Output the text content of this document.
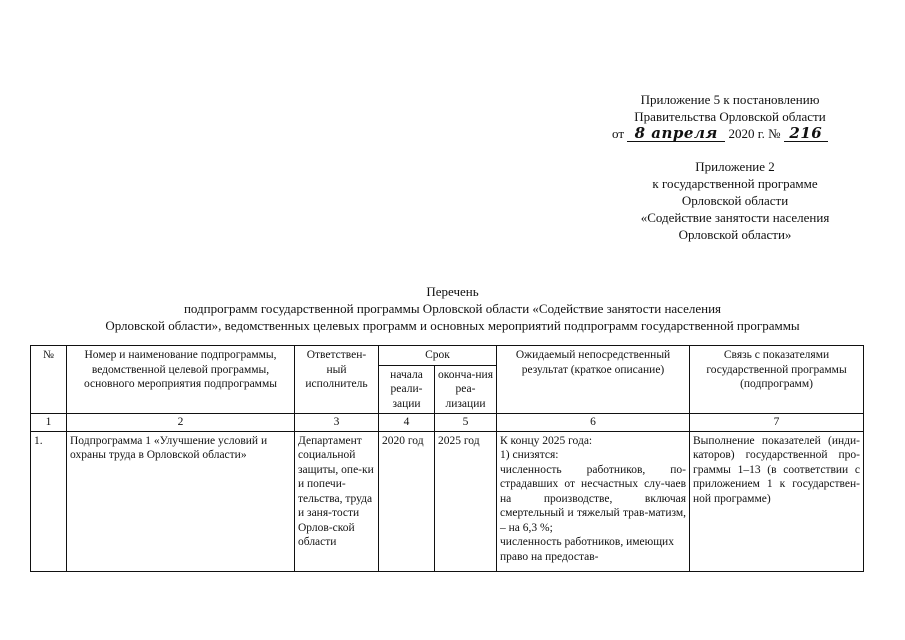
Приложение 5 к постановлению
Правительства Орловской области
от 8 апреля 2020 г. № 216
Приложение 2
к государственной программе
Орловской области
«Содействие занятости населения
Орловской области»
Перечень
подпрограмм государственной программы Орловской области «Содействие занятости населения
Орловской области», ведомственных целевых программ и основных мероприятий подпрограмм государственной программы
№	Номер и наименование подпрограммы, ведомственной целевой программы, основного мероприятия подпрограммы	Ответствен-ный исполнитель	Срок		Ожидаемый непосредственный результат (краткое описание)	Связь с показателями государственной программы (подпрограмм)
			начала реали-зации	оконча-ния реа-лизации		
1	2	3	4	5	6	7
1.	Подпрограмма 1 «Улучшение условий и охраны труда в Орловской области»	Департамент социальной защиты, опе-ки и попечи-тельства, труда и заня-тости Орлов-ской области	2020 год	2025 год	К концу 2025 года:
1) снизятся:
численность работников, по-страдавших от несчастных слу-чаев на производстве, включая смертельный и тяжелый трав-матизм, – на 6,3 %;
численность работников, имеющих право на предостав-	Выполнение показателей (инди-каторов) государственной про-граммы 1–13 (в соответствии с приложением 1 к государствен-ной программе)
